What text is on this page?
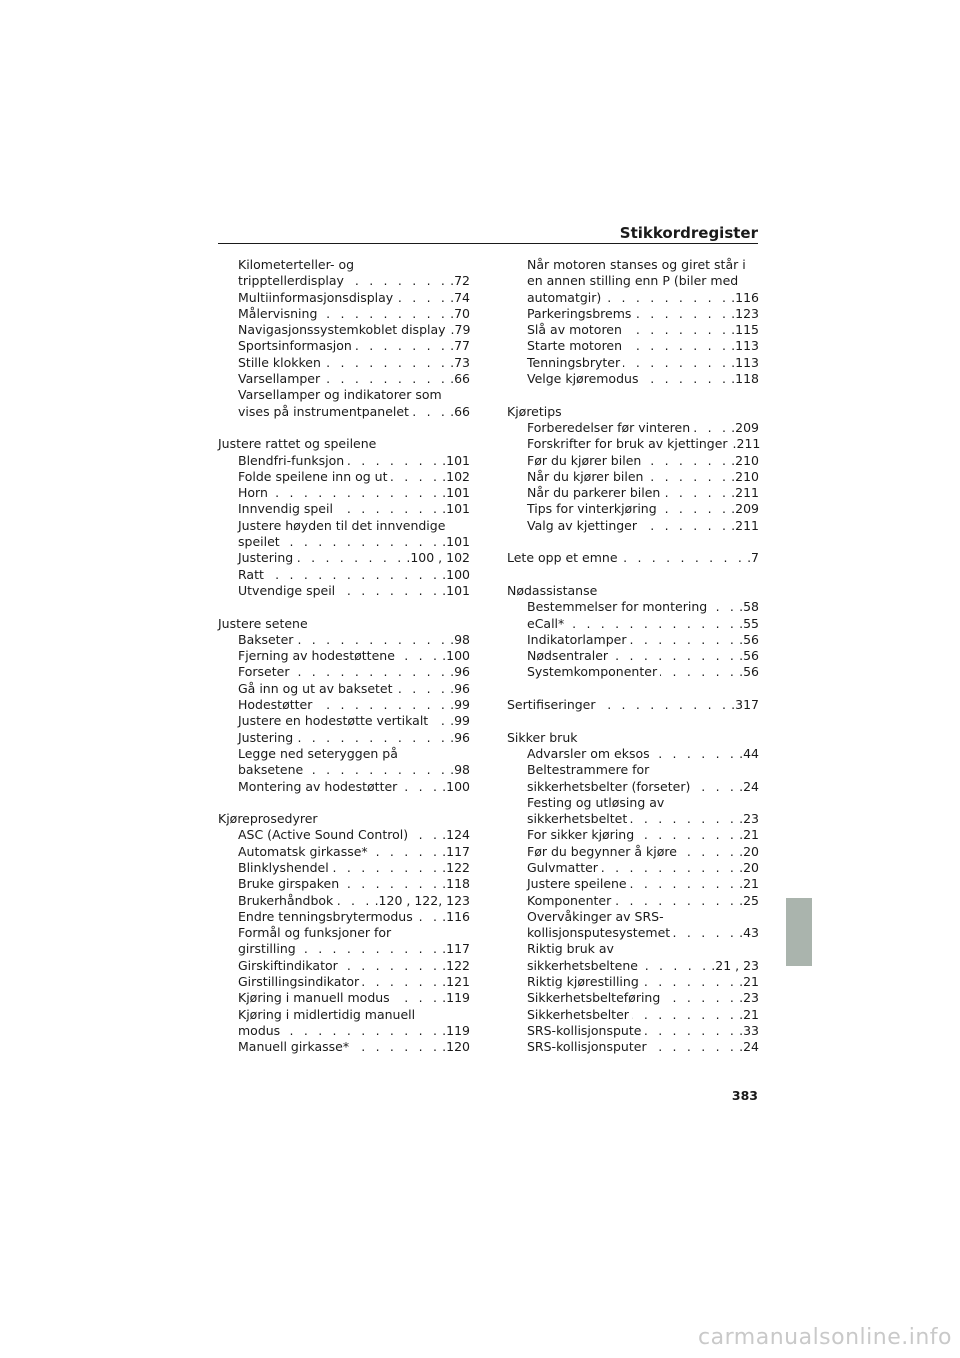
Stikkordregister
Kilometerteller- og
tripptellerdisplay . . .	.72
Multiinformasjonsdisplay . . .	.74
Målervisning . . .	.70
Navigasjonssystemkoblet display .79
Sportsinformasjon . . .	.77
Stille klokken . . .	.73
Varsellamper . . .	.66
Varsellamper og indikatorer som
vises på instrumentpanelet . . .	.66
Justere rattet og speilene
Blendfri-funksjon . . .	.101
Folde speilene inn og ut . . .	.102
Horn . . .	.101
Innvendig speil . . .	.101
Justere høyden til det innvendige
speilet . . .	.101
Justering . . .	.100 , 102
Ratt . . .	.100
Utvendige speil . . .	.101
Justere setene
Bakseter . . .	.98
Fjerning av hodestøttene . . .	.100
Forseter . . .	.96
Gå inn og ut av baksetet . . .	.96
Hodestøtter . . .	.99
Justere en hodestøtte vertikalt . . . .99
Justering . . .	.96
Legge ned seteryggen på
baksetene . . .	.98
Montering av hodestøtter . . .	.100
Kjøreprosedyrer
ASC (Active Sound Control) . . .	.124
Automatsk girkasse* . . .	.117
Blinklyshendel . . .	.122
Bruke girspaken . . .	.118
Brukerhåndbok . . .	.120 , 122, 123
Endre tenningsbrytermodus . . . .116
Formål og funksjoner for
girstilling . . .	.117
Girskiftindikator . . .	.122
Girstillingsindikator . . .	.121
Kjøring i manuell modus . . .	.119
Kjøring i midlertidig manuell
modus . . .	.119
Manuell girkasse* . . .	.120
Når motoren stanses og giret står i
en annen stilling enn P (biler med
automatgir) . . .	.116
Parkeringsbrems . . .	.123
Slå av motoren . . .	.115
Starte motoren . . .	.113
Tenningsbryter . . .	.113
Velge kjøremodus . . .	.118
Kjøretips
Forberedelser før vinteren . . .	.209
Forskrifter for bruk av kjettinger .211
Før du kjører bilen . . .	.210
Når du kjører bilen . . .	.210
Når du parkerer bilen . . .	.211
Tips for vinterkjøring . . .	.209
Valg av kjettinger . . .	.211
Lete opp et emne . . .	.7
Nødassistanse
Bestemmelser for montering . . .	.58
eCall* . . .	.55
Indikatorlamper . . .	.56
Nødsentraler . . .	.56
Systemkomponenter . . .	.56
Sertifiseringer . . .	.317
Sikker bruk
Advarsler om eksos . . .	.44
Beltestrammere for
sikkerhetsbelter (forseter) . . .	.24
Festing og utløsing av
sikkerhetsbeltet . . .	.23
For sikker kjøring . . .	.21
Før du begynner å kjøre . . .	.20
Gulvmatter . . .	.20
Justere speilene . . .	.21
Komponenter . . .	.25
Overvåkinger av SRS-
kollisjonsputesystemet . . .	.43
Riktig bruk av
sikkerhetsbeltene . . .	.21 , 23
Riktig kjørestilling . . .	.21
Sikkerhetsbelteføring . . .	.23
Sikkerhetsbelter . . .	.21
SRS-kollisjonspute . . .	.33
SRS-kollisjonsputer . . .	.24
383
carmanualsonline.info
